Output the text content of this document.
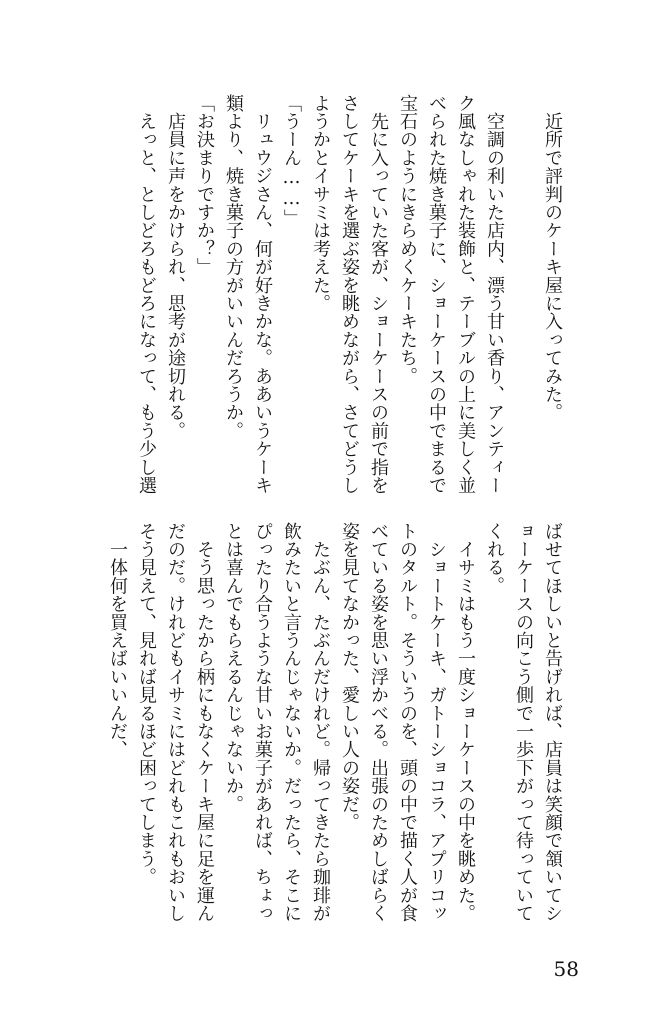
　近所で評判のケーキ屋に入ってみた。
　空調の利いた店内、漂う甘い香り、アンティー
ク風なしゃれた装飾と、テーブルの上に美しく並
べられた焼き菓子に、ショーケースの中でまるで
宝石のようにきらめくケーキたち。
　先に入っていた客が、ショーケースの前で指を
さしてケーキを選ぶ姿を眺めながら、さてどうし
ようかとイサミは考えた。
「うーん……」
　リュウジさん、何が好きかな。ああいうケーキ
類より、焼き菓子の方がいいんだろうか。
「お決まりですか？」
　店員に声をかけられ、思考が途切れる。
　えっと、としどろもどろになって、もう少し選
ばせてほしいと告げれば、店員は笑顔で頷いてシ
ョーケースの向こう側で一歩下がって待っていて
くれる。
　イサミはもう一度ショーケースの中を眺めた。
　ショートケーキ、ガトーショコラ、アプリコッ
トのタルト。そういうのを、頭の中で描く人が食
べている姿を思い浮かべる。出張のためしばらく
姿を見てなかった、愛しい人の姿だ。
　たぶん、たぶんだけれど。帰ってきたら珈琲が
飲みたいと言うんじゃないか。だったら、そこに
ぴったり合うような甘いお菓子があれば、ちょっ
とは喜んでもらえるんじゃないか。
　そう思ったから柄にもなくケーキ屋に足を運ん
だのだ。けれどもイサミにはどれもこれもおいし
そう見えて、見れば見るほど困ってしまう。
　一体何を買えばいいんだ、
58
